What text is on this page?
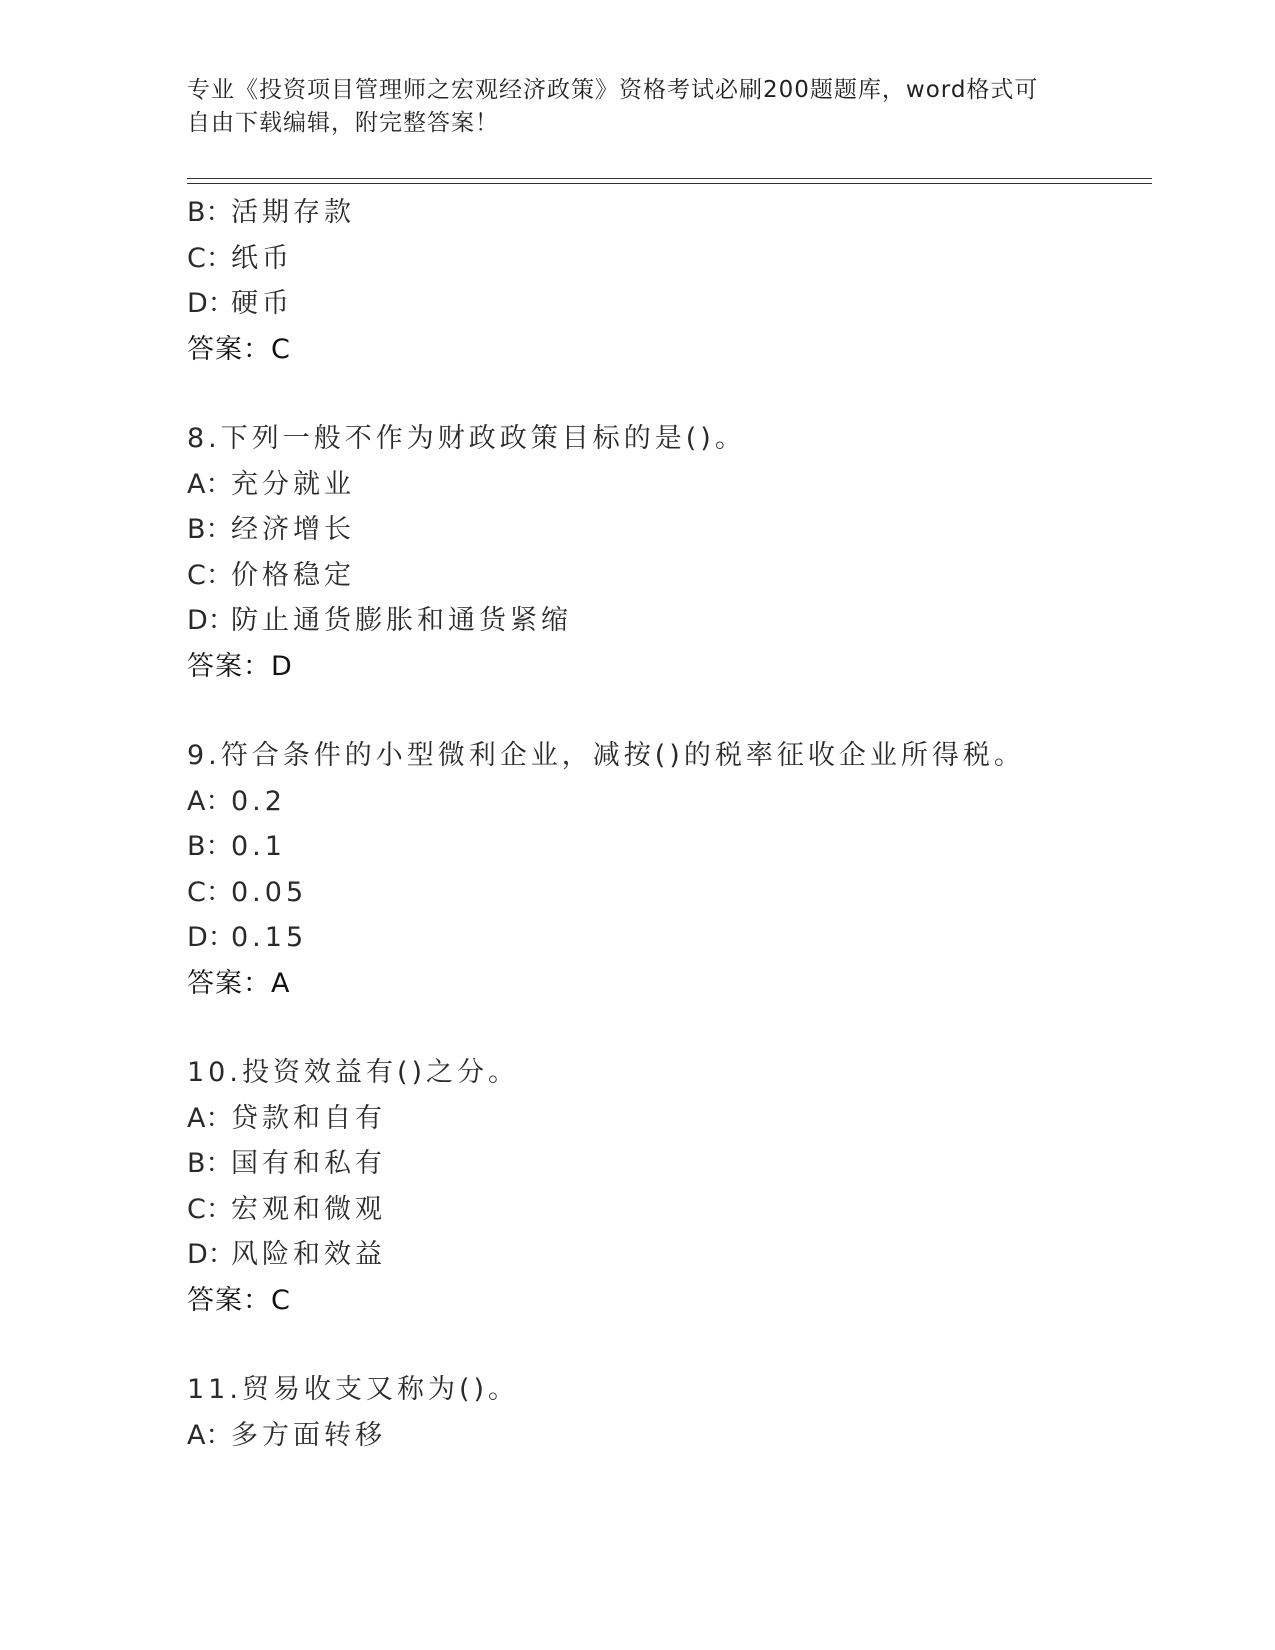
专业《投资项目管理师之宏观经济政策》资格考试必刷200题题库，word格式可
自由下载编辑，附完整答案！
B：活期存款
C：纸币
D：硬币
答案：C
8.下列一般不作为财政政策目标的是()。
A：充分就业
B：经济增长
C：价格稳定
D：防止通货膨胀和通货紧缩
答案：D
9.符合条件的小型微利企业，减按()的税率征收企业所得税。
A：0.2
B：0.1
C：0.05
D：0.15
答案：A
10.投资效益有()之分。
A：贷款和自有
B：国有和私有
C：宏观和微观
D：风险和效益
答案：C
11.贸易收支又称为()。
A：多方面转移
